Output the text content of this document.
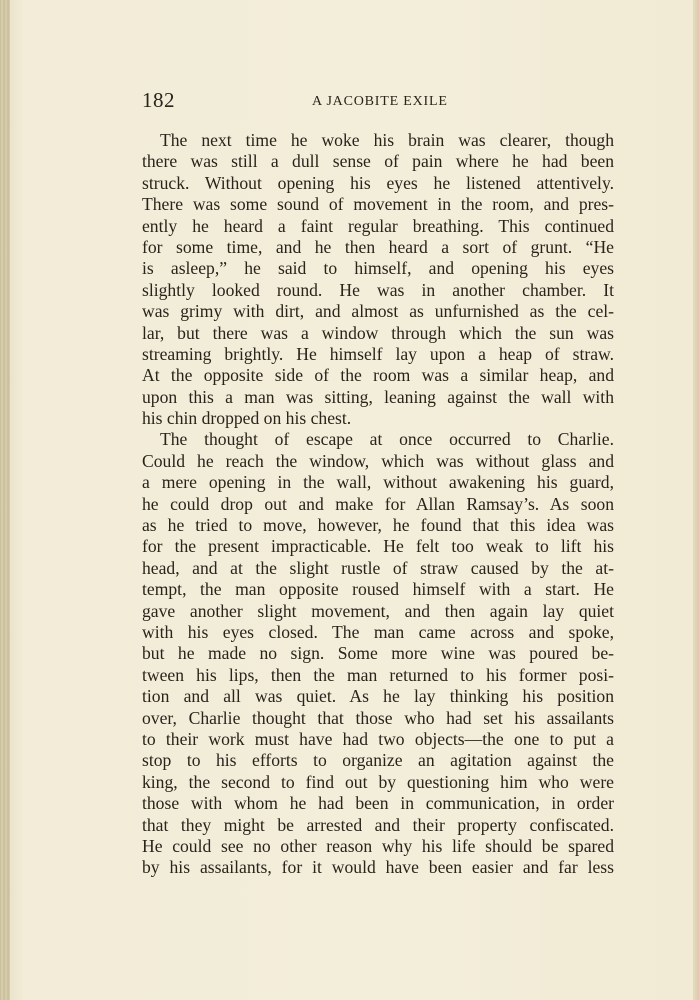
182	A JACOBITE EXILE
The next time he woke his brain was clearer, though
there was still a dull sense of pain where he had been
struck. Without opening his eyes he listened attentively.
There was some sound of movement in the room, and pres-
ently he heard a faint regular breathing. This continued
for some time, and he then heard a sort of grunt. “He
is asleep,” he said to himself, and opening his eyes
slightly looked round. He was in another chamber. It
was grimy with dirt, and almost as unfurnished as the cel-
lar, but there was a window through which the sun was
streaming brightly. He himself lay upon a heap of straw.
At the opposite side of the room was a similar heap, and
upon this a man was sitting, leaning against the wall with
his chin dropped on his chest.
The thought of escape at once occurred to Charlie.
Could he reach the window, which was without glass and
a mere opening in the wall, without awakening his guard,
he could drop out and make for Allan Ramsay’s. As soon
as he tried to move, however, he found that this idea was
for the present impracticable. He felt too weak to lift his
head, and at the slight rustle of straw caused by the at-
tempt, the man opposite roused himself with a start. He
gave another slight movement, and then again lay quiet
with his eyes closed. The man came across and spoke,
but he made no sign. Some more wine was poured be-
tween his lips, then the man returned to his former posi-
tion and all was quiet. As he lay thinking his position
over, Charlie thought that those who had set his assailants
to their work must have had two objects—the one to put a
stop to his efforts to organize an agitation against the
king, the second to find out by questioning him who were
those with whom he had been in communication, in order
that they might be arrested and their property confiscated.
He could see no other reason why his life should be spared
by his assailants, for it would have been easier and far less
